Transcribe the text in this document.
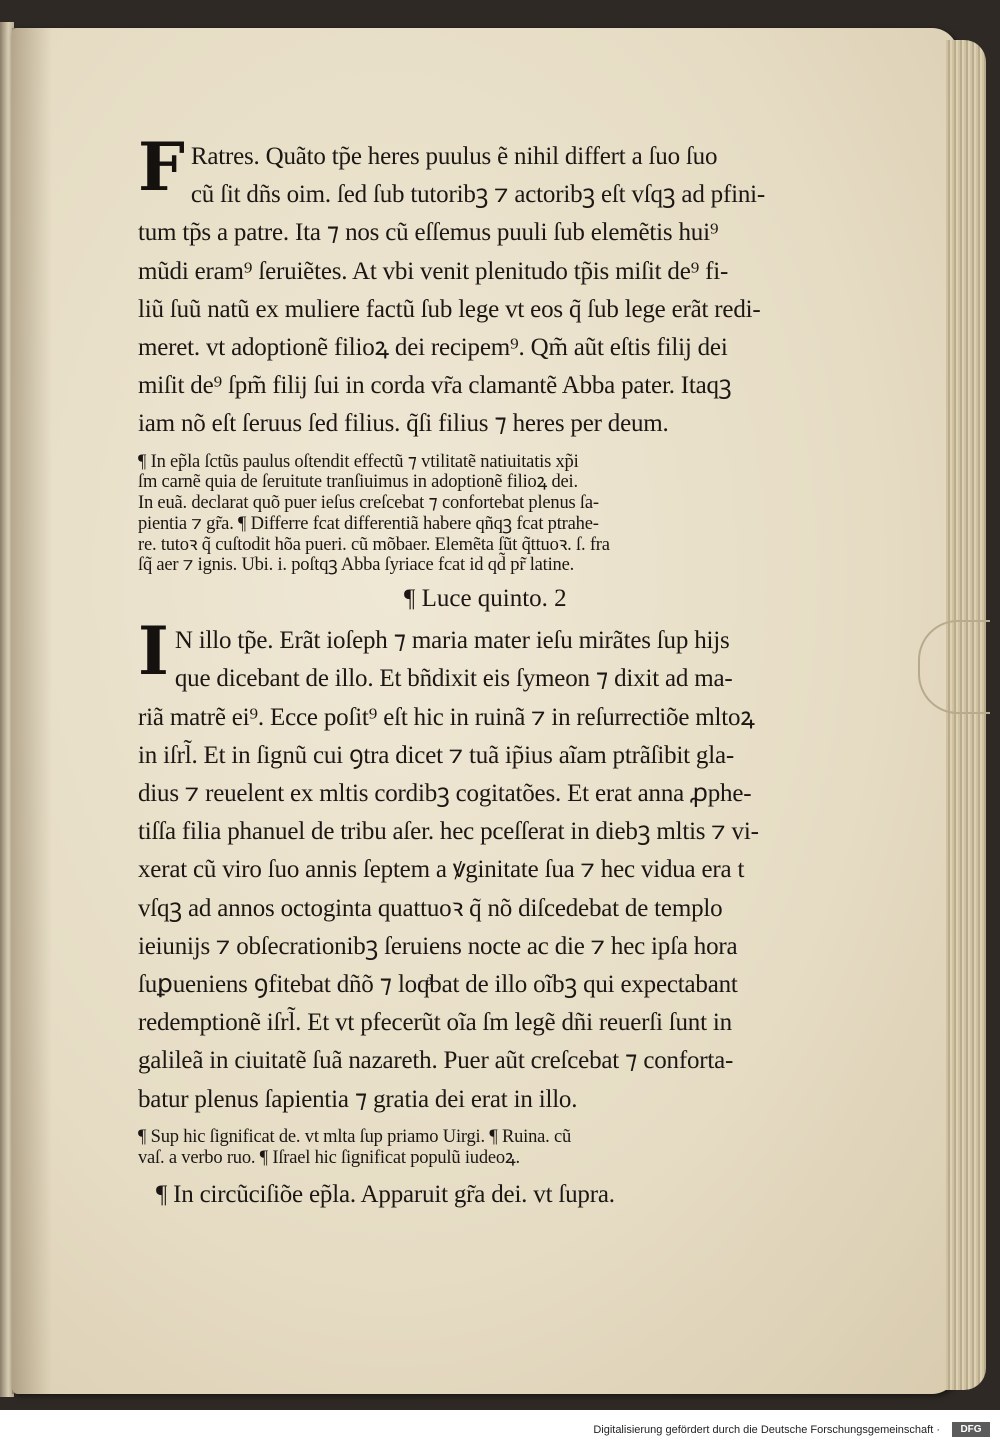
F Ratres. Quãto tp̃e heres puulus ẽ nihil differt a ſuo ſuo
cũ ſit dñs oim. ſed ſub tutoribꝫ ⁊ actoribꝫ eſt vſqꝫ ad pfini‑
tum tp̃s a patre. Ita ⁊ nos cũ eſſemus puuli ſub elemẽtis hui⁹
mũdi eram⁹ ſeruiẽtes. At vbi venit plenitudo tp̃is miſit de⁹ fi‑
liũ ſuũ natũ ex muliere factũ ſub lege vt eos q̃ ſub lege erãt redi‑
meret. vt adoptionẽ filioꝝ dei recipem⁹. Qm̃ aũt eſtis filij dei
miſit de⁹ ſpm̃ filij ſui in corda vr̃a clamantẽ Abba pater. Itaqꝫ
iam nõ eſt ſeruus ſed filius. q̃ſi filius ⁊ heres per deum.
¶ In ep̃la ſctũs paulus oſtendit effectũ ⁊ vtilitatẽ natiuitatis xp̃i
ſm carnẽ quia de ſeruitute tranſiuimus in adoptionẽ filioꝝ dei.
In euã. declarat quõ puer ieſus creſcebat ⁊ confortebat plenus ſa‑
pientia ⁊ gr̃a. ¶ Differre fcat differentiã habere qñqꝫ fcat ptrahe‑
re. tutoꝛ q̃ cuſtodit hõa pueri. cũ mõbaer. Elemẽta ſũt q̃ttuoꝛ. ſ. fra
ſq̃ aer ⁊ ignis. Ubi. i. poſtqꝫ Abba ſyriace fcat id qd̃ pr̃ latine.
¶ Luce quinto. 2
I N illo tp̃e. Erãt ioſeph ⁊ maria mater ieſu mirãtes ſup hijs
que dicebant de illo. Et bñdixit eis ſymeon ⁊ dixit ad ma‑
riã matrẽ ei⁹. Ecce poſit⁹ eſt hic in ruinã ⁊ in reſurrectiõe mltoꝝ
in iſrl̃. Et in ſignũ cui ꝯtra dicet ⁊ tuã ip̃ius aĩam ptrãſibit gla‑
dius ⁊ reuelent ex mltis cordibꝫ cogitatões. Et erat anna ꝓphe‑
tiſſa filia phanuel de tribu aſer. hec pceſſerat in diebꝫ mltis ⁊ vi‑
xerat cũ viro ſuo annis ſeptem a ꝟginitate ſua ⁊ hec vidua era t
vſqꝫ ad annos octoginta quattuoꝛ q̃ nõ diſcedebat de templo
ieiunijs ⁊ obſecrationibꝫ ſeruiens nocte ac die ⁊ hec ipſa hora
ſuꝑueniens ꝯfitebat dñõ ⁊ loqͣbat de illo oĩbꝫ qui expectabant
redemptionẽ iſrl̃. Et vt pfecerũt oĩa ſm legẽ dñi reuerſi ſunt in
galileã in ciuitatẽ ſuã nazareth. Puer aũt creſcebat ⁊ conforta‑
batur plenus ſapientia ⁊ gratia dei erat in illo.
¶ Sup hic ſignificat de. vt mlta ſup priamo Uirgi. ¶ Ruina. cũ
vaſ. a verbo ruo. ¶ Iſrael hic ſignificat populũ iudeoꝝ.
¶ In circũciſiõe ep̃la. Apparuit gr̃a dei. vt ſupra.
Digitalisierung gefördert durch die Deutsche Forschungsgemeinschaft ·	DFG
